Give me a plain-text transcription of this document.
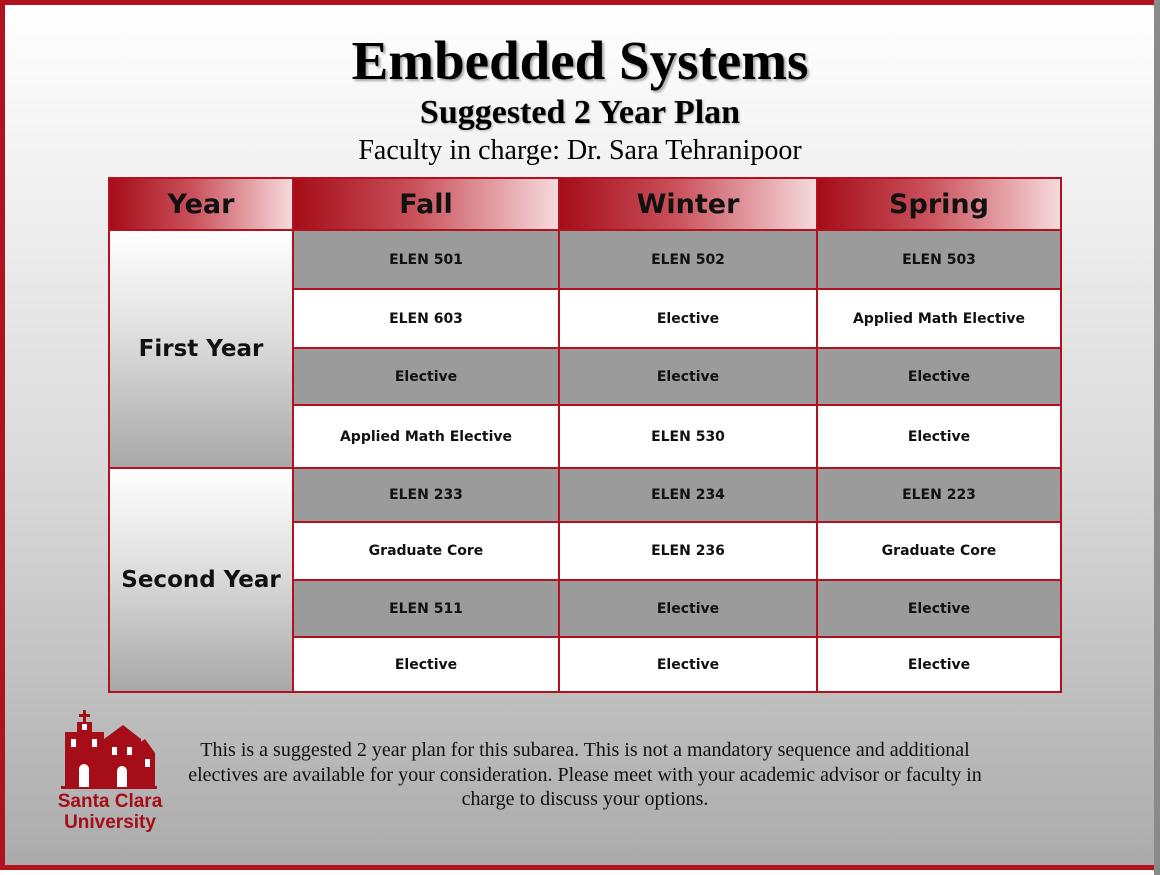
Embedded Systems
Suggested 2 Year Plan

Faculty in charge: Dr. Sara Tehranipoor

Year	Fall	Winter	Spring
First Year	ELEN 501	ELEN 502	ELEN 503
	ELEN 603	Elective	Applied Math Elective
	Elective	Elective	Elective
	Applied Math Elective	ELEN 530	Elective
Second Year	ELEN 233	ELEN 234	ELEN 223
	Graduate Core	ELEN 236	Graduate Core
	ELEN 511	Elective	Elective
	Elective	Elective	Elective

Santa Clara
University

This is a suggested 2 year plan for this subarea. This is not a mandatory sequence and additional electives are available for your consideration. Please meet with your academic advisor or faculty in charge to discuss your options.
